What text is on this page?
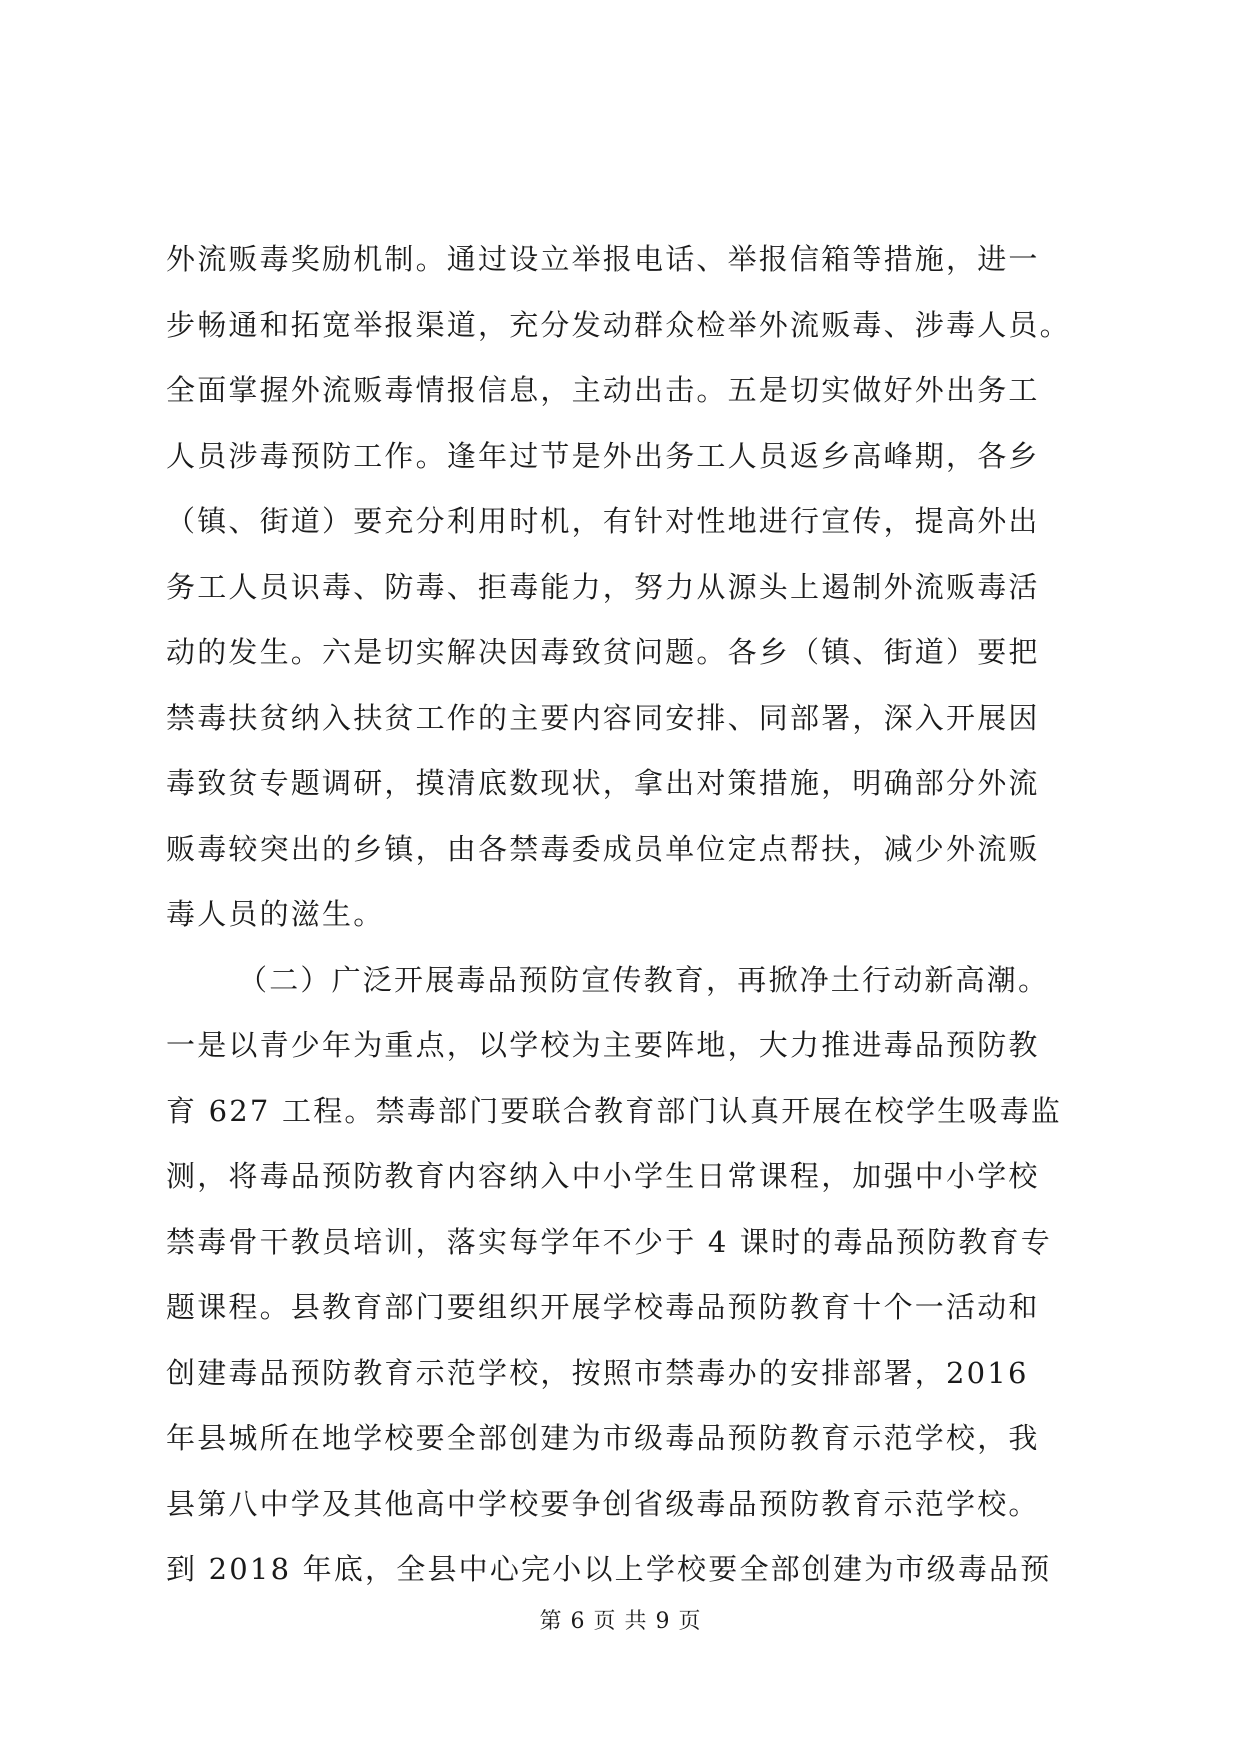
外流贩毒奖励机制。通过设立举报电话、举报信箱等措施，进一
步畅通和拓宽举报渠道，充分发动群众检举外流贩毒、涉毒人员。
全面掌握外流贩毒情报信息，主动出击。五是切实做好外出务工
人员涉毒预防工作。逢年过节是外出务工人员返乡高峰期，各乡
（镇、街道）要充分利用时机，有针对性地进行宣传，提高外出
务工人员识毒、防毒、拒毒能力，努力从源头上遏制外流贩毒活
动的发生。六是切实解决因毒致贫问题。各乡（镇、街道）要把
禁毒扶贫纳入扶贫工作的主要内容同安排、同部署，深入开展因
毒致贫专题调研，摸清底数现状，拿出对策措施，明确部分外流
贩毒较突出的乡镇，由各禁毒委成员单位定点帮扶，减少外流贩
毒人员的滋生。
（二）广泛开展毒品预防宣传教育，再掀净土行动新高潮。
一是以青少年为重点，以学校为主要阵地，大力推进毒品预防教
育 627 工程。禁毒部门要联合教育部门认真开展在校学生吸毒监
测，将毒品预防教育内容纳入中小学生日常课程，加强中小学校
禁毒骨干教员培训，落实每学年不少于 4 课时的毒品预防教育专
题课程。县教育部门要组织开展学校毒品预防教育十个一活动和
创建毒品预防教育示范学校，按照市禁毒办的安排部署，2016
年县城所在地学校要全部创建为市级毒品预防教育示范学校，我
县第八中学及其他高中学校要争创省级毒品预防教育示范学校。
到 2018 年底，全县中心完小以上学校要全部创建为市级毒品预
第 6 页 共 9 页
